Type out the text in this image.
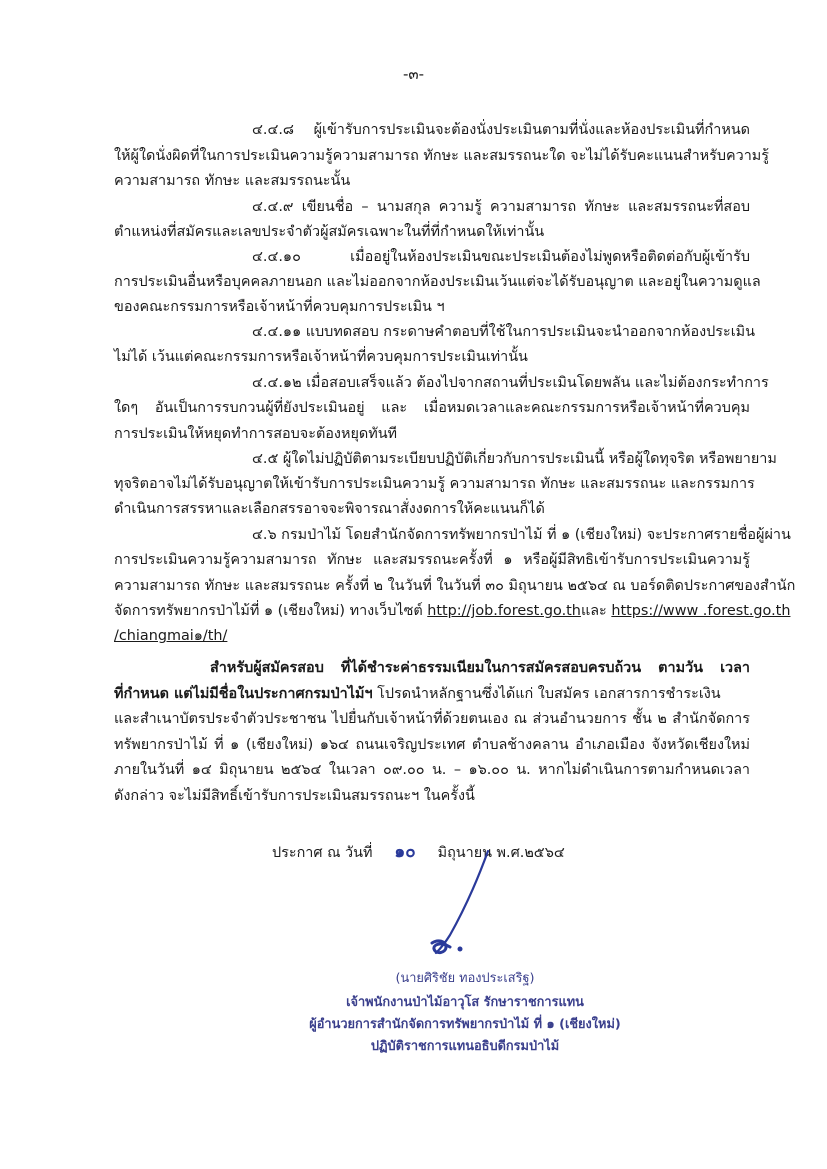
-๓-
๔.๔.๘ ผู้เข้ารับการประเมินจะต้องนั่งประเมินตามที่นั่งและห้องประเมินที่กำหนด
ให้ผู้ใดนั่งผิดที่ในการประเมินความรู้ความสามารถ ทักษะ และสมรรถนะใด จะไม่ได้รับคะแนนสำหรับความรู้
ความสามารถ ทักษะ และสมรรถนะนั้น
๔.๔.๙ เขียนชื่อ – นามสกุล ความรู้ ความสามารถ ทักษะ และสมรรถนะที่สอบ
ตำแหน่งที่สมัครและเลขประจำตัวผู้สมัครเฉพาะในที่ที่กำหนดให้เท่านั้น
๔.๔.๑๐ เมื่ออยู่ในห้องประเมินขณะประเมินต้องไม่พูดหรือติดต่อกับผู้เข้ารับ
การประเมินอื่นหรือบุคคลภายนอก และไม่ออกจากห้องประเมินเว้นแต่จะได้รับอนุญาต และอยู่ในความดูแล
ของคณะกรรมการหรือเจ้าหน้าที่ควบคุมการประเมิน ฯ
๔.๔.๑๑ แบบทดสอบ กระดาษคำตอบที่ใช้ในการประเมินจะนำออกจากห้องประเมิน
ไม่ได้ เว้นแต่คณะกรรมการหรือเจ้าหน้าที่ควบคุมการประเมินเท่านั้น
๔.๔.๑๒ เมื่อสอบเสร็จแล้ว ต้องไปจากสถานที่ประเมินโดยพลัน และไม่ต้องกระทำการ
ใดๆ อันเป็นการรบกวนผู้ที่ยังประเมินอยู่ และ เมื่อหมดเวลาและคณะกรรมการหรือเจ้าหน้าที่ควบคุม
การประเมินให้หยุดทำการสอบจะต้องหยุดทันที
๔.๕ ผู้ใดไม่ปฏิบัติตามระเบียบปฏิบัติเกี่ยวกับการประเมินนี้ หรือผู้ใดทุจริต หรือพยายาม
ทุจริตอาจไม่ได้รับอนุญาตให้เข้ารับการประเมินความรู้ ความสามารถ ทักษะ และสมรรถนะ และกรรมการ
ดำเนินการสรรหาและเลือกสรรอาจจะพิจารณาสั่งงดการให้คะแนนก็ได้
๔.๖ กรมป่าไม้ โดยสำนักจัดการทรัพยากรป่าไม้ ที่ ๑ (เชียงใหม่) จะประกาศรายชื่อผู้ผ่าน
การประเมินความรู้ความสามารถ ทักษะ และสมรรถนะครั้งที่ ๑ หรือผู้มีสิทธิเข้ารับการประเมินความรู้
ความสามารถ ทักษะ และสมรรถนะ ครั้งที่ ๒ ในวันที่ ในวันที่ ๓๐ มิถุนายน ๒๕๖๔ ณ บอร์ดติดประกาศของสำนัก
จัดการทรัพยากรป่าไม้ที่ ๑ (เชียงใหม่) ทางเว็บไซต์ http://job.forest.go.thและ https://www .forest.go.th
/chiangmai๑/th/
สำหรับผู้สมัครสอบ ที่ได้ชำระค่าธรรมเนียมในการสมัครสอบครบถ้วน ตามวัน เวลา
ที่กำหนด แต่ไม่มีชื่อในประกาศกรมป่าไม้ฯ โปรดนำหลักฐานซึ่งได้แก่ ใบสมัคร เอกสารการชำระเงิน
และสำเนาบัตรประจำตัวประชาชน ไปยื่นกับเจ้าหน้าที่ด้วยตนเอง ณ ส่วนอำนวยการ ชั้น ๒ สำนักจัดการ
ทรัพยากรป่าไม้ ที่ ๑ (เชียงใหม่) ๑๖๔ ถนนเจริญประเทศ ตำบลช้างคลาน อำเภอเมือง จังหวัดเชียงใหม่
ภายในวันที่ ๑๔ มิถุนายน ๒๕๖๔ ในเวลา ๐๙.๐๐ น. – ๑๖.๐๐ น. หากไม่ดำเนินการตามกำหนดเวลา
ดังกล่าว จะไม่มีสิทธิ์เข้ารับการประเมินสมรรถนะฯ ในครั้งนี้
ประกาศ ณ วันที่ ๑๐ มิถุนายน พ.ศ.๒๕๖๔
(นายศิริชัย ทองประเสริฐ)
เจ้าพนักงานป่าไม้อาวุโส รักษาราชการแทน
ผู้อำนวยการสำนักจัดการทรัพยากรป่าไม้ ที่ ๑ (เชียงใหม่)
ปฏิบัติราชการแทนอธิบดีกรมป่าไม้
